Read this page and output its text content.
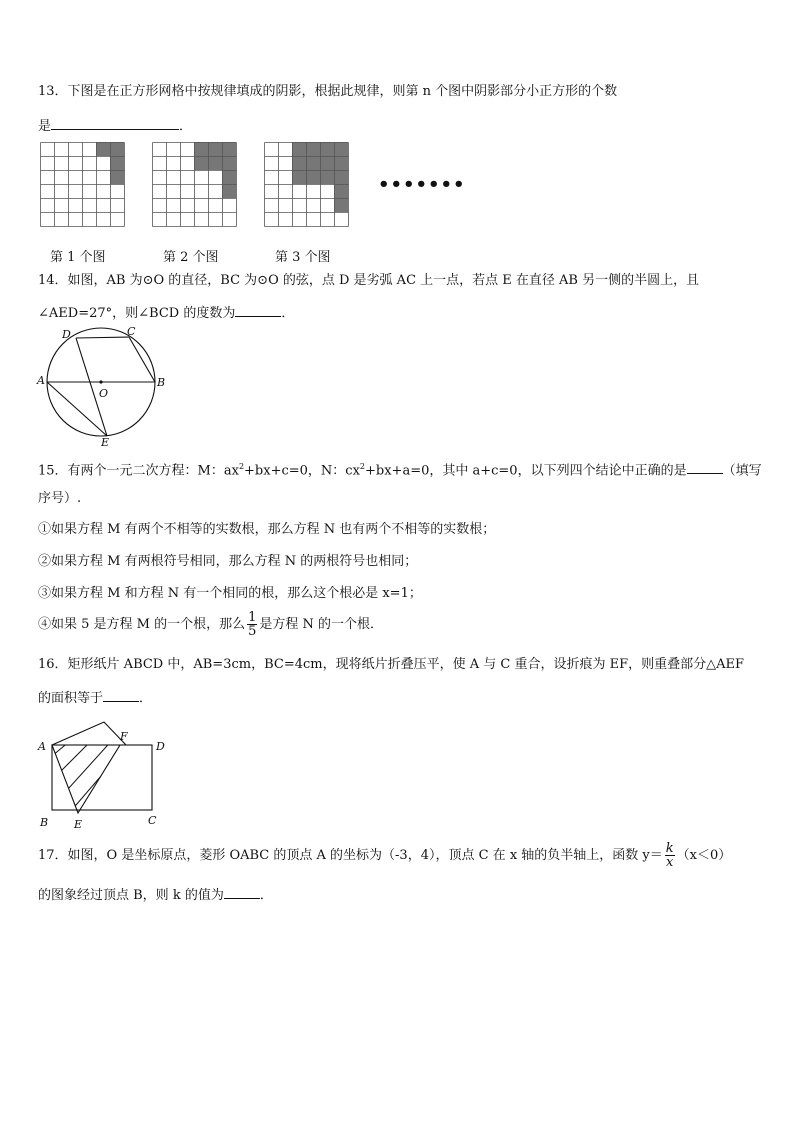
13．下图是在正方形网格中按规律填成的阴影，根据此规律，则第 n 个图中阴影部分小正方形的个数
是	．
•••••••
第 1 个图	第 2 个图	第 3 个图
14．如图，AB 为⊙O 的直径，BC 为⊙O 的弦，点 D 是劣弧 AC 上一点，若点 E 在直径 AB 另一侧的半圆上，且
∠AED=27°，则∠BCD 的度数为	．
A	B
C
D
E
O
15．有两个一元二次方程：M：$ax^2+bx+c=0$，N：$cx^2+bx+a=0$，其中 a+c=0，以下列四个结论中正确的是	（填写
序号）.
①如果方程 M 有两个不相等的实数根，那么方程 N 也有两个不相等的实数根；
②如果方程 M 有两根符号相同，那么方程 N 的两根符号也相同；
③如果方程 M 和方程 N 有一个相同的根，那么这个根必是 x=1；
④如果 5 是方程 M 的一个根，那么 $\frac{1}{5}$ 是方程 N 的一个根．
16．矩形纸片 ABCD 中，AB=3cm，BC=4cm，现将纸片折叠压平，使 A 与 C 重合，设折痕为 EF，则重叠部分△AEF
的面积等于	．
A
F
D
B E	C
17．如图，O 是坐标原点，菱形 OABC 的顶点 A 的坐标为（-3，4），顶点 C 在 x 轴的负半轴上，函数 $y= \frac{k}{x} (x<0)$
的图象经过顶点 B，则 k 的值为	．
